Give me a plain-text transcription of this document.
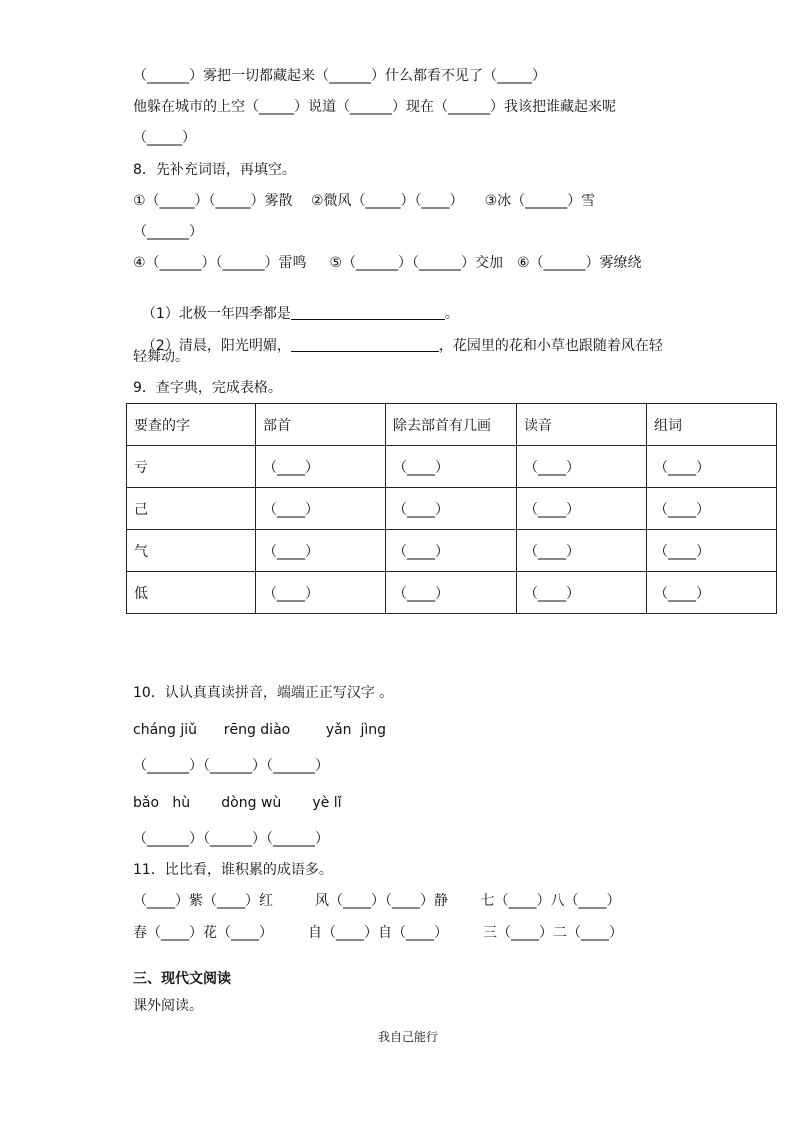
（______）雾把一切都藏起来（______）什么都看不见了（_____）
他躲在城市的上空（_____）说道（______）现在（______）我该把谁藏起来呢
（_____）
8．先补充词语，再填空。
①（_____）（_____）雾散　 ②微风（_____）（____）　　③冰（______）雪
（______）
④（______）（______）雷鸣　  ⑤（______）（______）交加　⑥（______）雾缭绕

（1）北极一年四季都是	。

（2）清晨，阳光明媚，	，花园里的花和小草也跟随着风在轻

轻舞动。
9．查字典，完成表格。
要查的字	部首	除去部首有几画	读音	组词
亏	（____）	（____）	（____）	（____）
己	（____）	（____）	（____）	（____）
气	（____）	（____）	（____）	（____）
低	（____）	（____）	（____）	（____）
10．认认真真读拼音，端端正正写汉字 。
cháng jiǔ      rēng diào        yǎn  jìng
（______）（______）（______）
bǎo   hù       dòng wù       yè lǐ
（______）（______）（______）
11．比比看，谁积累的成语多。
（____）紫（____）红　　　风（____）（____）静　　 七（____）八（____）
春（____）花（____）　　　自（____）自（____）　　　三（____）二（____）
三、现代文阅读
课外阅读。
我自己能行
